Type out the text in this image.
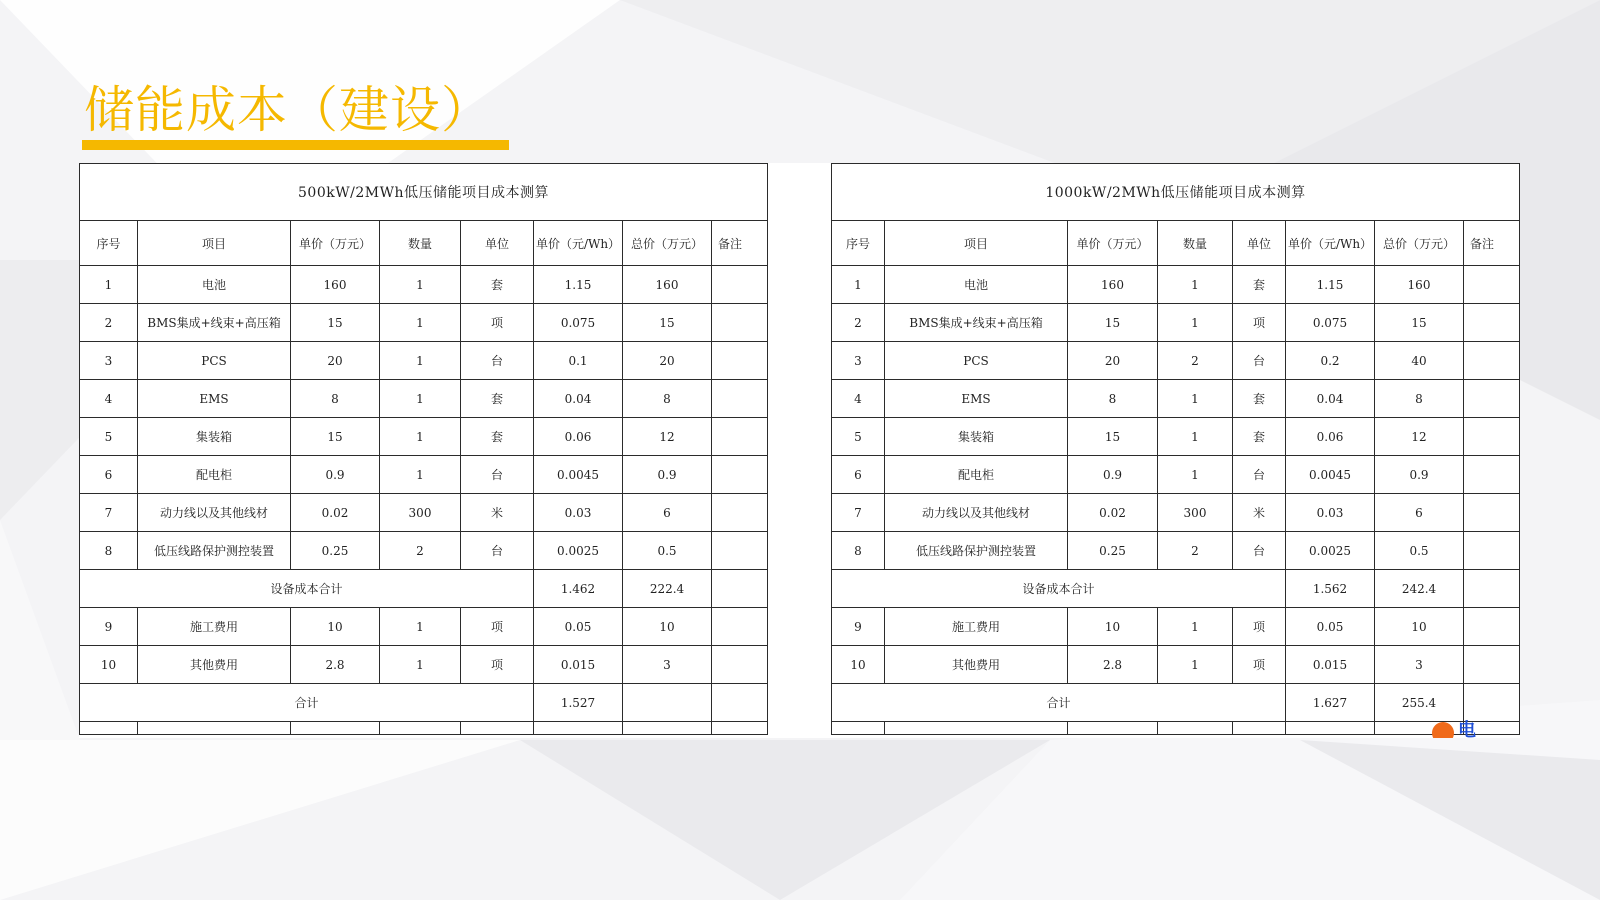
储能成本（建设）
500kW/2MWh低压储能项目成本测算							
序号	项目	单价（万元）	数量	单位	单价（元/Wh）	总价（万元）	备注
1	电池	160	1	套	1.15	160	
2	BMS集成+线束+高压箱	15	1	项	0.075	15	
3	PCS	20	1	台	0.1	20	
4	EMS	8	1	套	0.04	8	
5	集装箱	15	1	套	0.06	12	
6	配电柜	0.9	1	台	0.0045	0.9	
7	动力线以及其他线材	0.02	300	米	0.03	6	
8	低压线路保护测控装置	0.25	2	台	0.0025	0.5	
设备成本合计					1.462	222.4	
9	施工费用	10	1	项	0.05	10	
10	其他费用	2.8	1	项	0.015	3	
合计					1.527		

1000kW/2MWh低压储能项目成本测算							
序号	项目	单价（万元）	数量	单位	单价（元/Wh）	总价（万元）	备注
1	电池	160	1	套	1.15	160	
2	BMS集成+线束+高压箱	15	1	项	0.075	15	
3	PCS	20	2	台	0.2	40	
4	EMS	8	1	套	0.04	8	
5	集装箱	15	1	套	0.06	12	
6	配电柜	0.9	1	台	0.0045	0.9	
7	动力线以及其他线材	0.02	300	米	0.03	6	
8	低压线路保护测控装置	0.25	2	台	0.0025	0.5	
设备成本合计					1.562	242.4	
9	施工费用	10	1	项	0.05	10	
10	其他费用	2.8	1	项	0.015	3	
合计					1.627	255.4	

电
